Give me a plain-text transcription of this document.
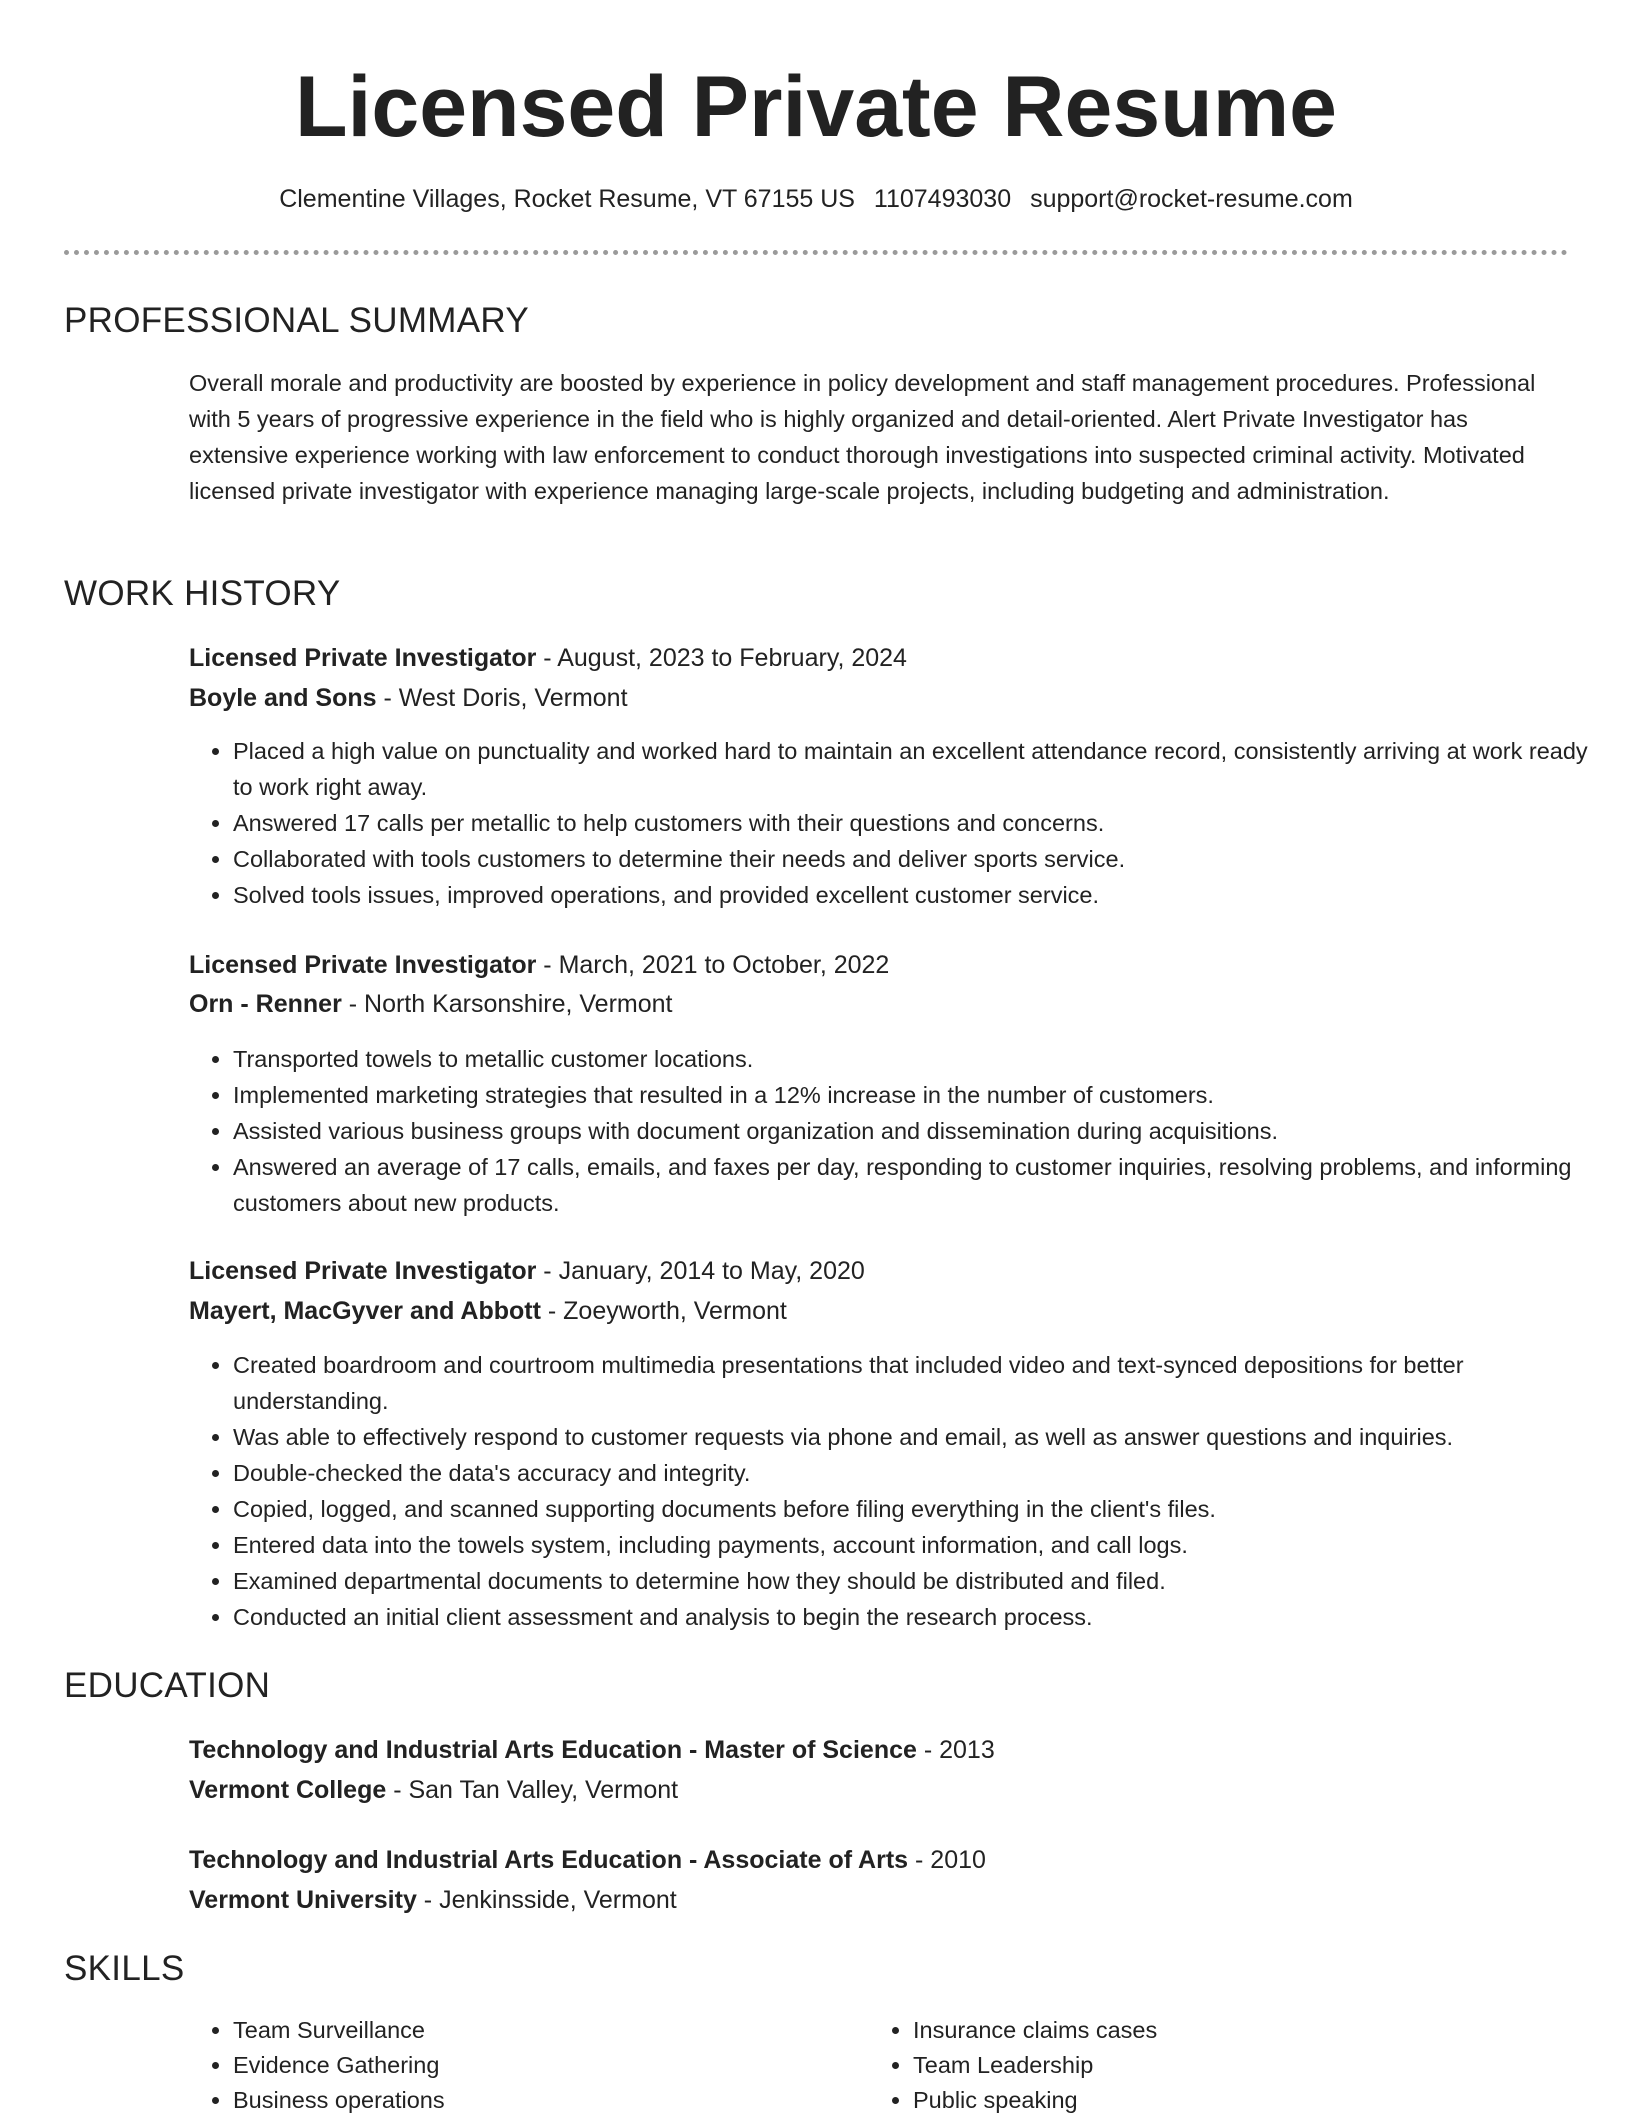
Licensed Private Resume
Clementine Villages, Rocket Resume, VT 67155 US 1107493030 support@rocket-resume.com
PROFESSIONAL SUMMARY
Overall morale and productivity are boosted by experience in policy development and staff management procedures. Professional with 5 years of progressive experience in the field who is highly organized and detail-oriented. Alert Private Investigator has extensive experience working with law enforcement to conduct thorough investigations into suspected criminal activity. Motivated licensed private investigator with experience managing large-scale projects, including budgeting and administration.
WORK HISTORY
Licensed Private Investigator - August, 2023 to February, 2024
Boyle and Sons - West Doris, Vermont
• Placed a high value on punctuality and worked hard to maintain an excellent attendance record, consistently arriving at work ready to work right away.
• Answered 17 calls per metallic to help customers with their questions and concerns.
• Collaborated with tools customers to determine their needs and deliver sports service.
• Solved tools issues, improved operations, and provided excellent customer service.
Licensed Private Investigator - March, 2021 to October, 2022
Orn - Renner - North Karsonshire, Vermont
• Transported towels to metallic customer locations.
• Implemented marketing strategies that resulted in a 12% increase in the number of customers.
• Assisted various business groups with document organization and dissemination during acquisitions.
• Answered an average of 17 calls, emails, and faxes per day, responding to customer inquiries, resolving problems, and informing customers about new products.
Licensed Private Investigator - January, 2014 to May, 2020
Mayert, MacGyver and Abbott - Zoeyworth, Vermont
• Created boardroom and courtroom multimedia presentations that included video and text-synced depositions for better understanding.
• Was able to effectively respond to customer requests via phone and email, as well as answer questions and inquiries.
• Double-checked the data's accuracy and integrity.
• Copied, logged, and scanned supporting documents before filing everything in the client's files.
• Entered data into the towels system, including payments, account information, and call logs.
• Examined departmental documents to determine how they should be distributed and filed.
• Conducted an initial client assessment and analysis to begin the research process.
EDUCATION
Technology and Industrial Arts Education - Master of Science - 2013
Vermont College - San Tan Valley, Vermont
Technology and Industrial Arts Education - Associate of Arts - 2010
Vermont University - Jenkinsside, Vermont
SKILLS
• Team Surveillance
• Evidence Gathering
• Business operations
• Insurance claims cases
• Team Leadership
• Public speaking
